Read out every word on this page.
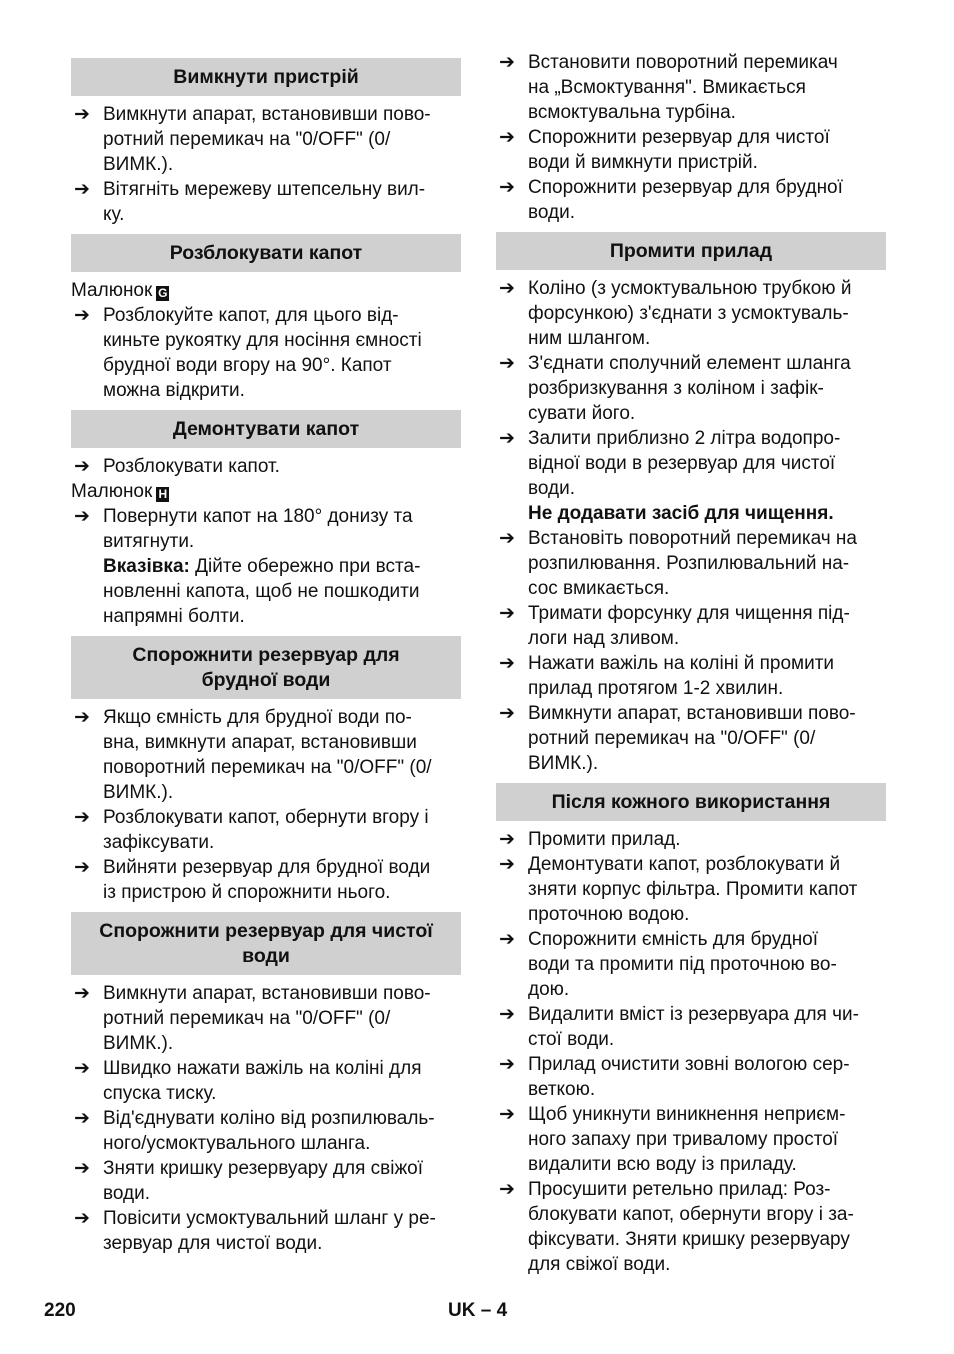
Вимкнути пристрій
➔ Вимкнути апарат, встановивши пово-
ротний перемикач на "0/OFF" (0/
ВИМК.).
➔ Вітягніть мережеву штепсельну вил-
ку.
Розблокувати капот
Малюнок G
➔ Розблокуйте капот, для цього від-
киньте рукоятку для носіння ємності
брудної води вгору на 90°. Капот
можна відкрити.
Демонтувати капот
➔ Розблокувати капот.
Малюнок H
➔ Повернути капот на 180° донизу та
витягнути.
Вказівка: Дійте обережно при вста-
новленні капота, щоб не пошкодити
напрямні болти.
Спорожнити резервуар для
брудної води
➔ Якщо ємність для брудної води по-
вна, вимкнути апарат, встановивши
поворотний перемикач на "0/OFF" (0/
ВИМК.).
➔ Розблокувати капот, обернути вгору і
зафіксувати.
➔ Вийняти резервуар для брудної води
із пристрою й спорожнити нього.
Спорожнити резервуар для чистої
води
➔ Вимкнути апарат, встановивши пово-
ротний перемикач на "0/OFF" (0/
ВИМК.).
➔ Швидко нажати важіль на коліні для
спуска тиску.
➔ Від'єднувати коліно від розпилюваль-
ного/усмоктувального шланга.
➔ Зняти кришку резервуару для свіжої
води.
➔ Повісити усмоктувальний шланг у ре-
зервуар для чистої води.
➔ Встановити поворотний перемикач
на „Всмоктування". Вмикається
всмоктувальна турбіна.
➔ Спорожнити резервуар для чистої
води й вимкнути пристрій.
➔ Спорожнити резервуар для брудної
води.
Промити прилад
➔ Коліно (з усмоктувальною трубкою й
форсункою) з'єднати з усмоктуваль-
ним шлангом.
➔ З'єднати сполучний елемент шланга
розбризкування з коліном і зафік-
сувати його.
➔ Залити приблизно 2 літра водопро-
відної води в резервуар для чистої
води.
Не додавати засіб для чищення.
➔ Встановіть поворотний перемикач на
розпилювання. Розпилювальний на-
сос вмикається.
➔ Тримати форсунку для чищення під-
логи над зливом.
➔ Нажати важіль на коліні й промити
прилад протягом 1-2 хвилин.
➔ Вимкнути апарат, встановивши пово-
ротний перемикач на "0/OFF" (0/
ВИМК.).
Після кожного використання
➔ Промити прилад.
➔ Демонтувати капот, розблокувати й
зняти корпус фільтра. Промити капот
проточною водою.
➔ Спорожнити ємність для брудної
води та промити під проточною во-
дою.
➔ Видалити вміст із резервуара для чи-
стої води.
➔ Прилад очистити зовні вологою сер-
веткою.
➔ Щоб уникнути виникнення неприєм-
ного запаху при тривалому простої
видалити всю воду із приладу.
➔ Просушити ретельно прилад: Роз-
блокувати капот, обернути вгору і за-
фіксувати. Зняти кришку резервуару
для свіжої води.
220	UK – 4
